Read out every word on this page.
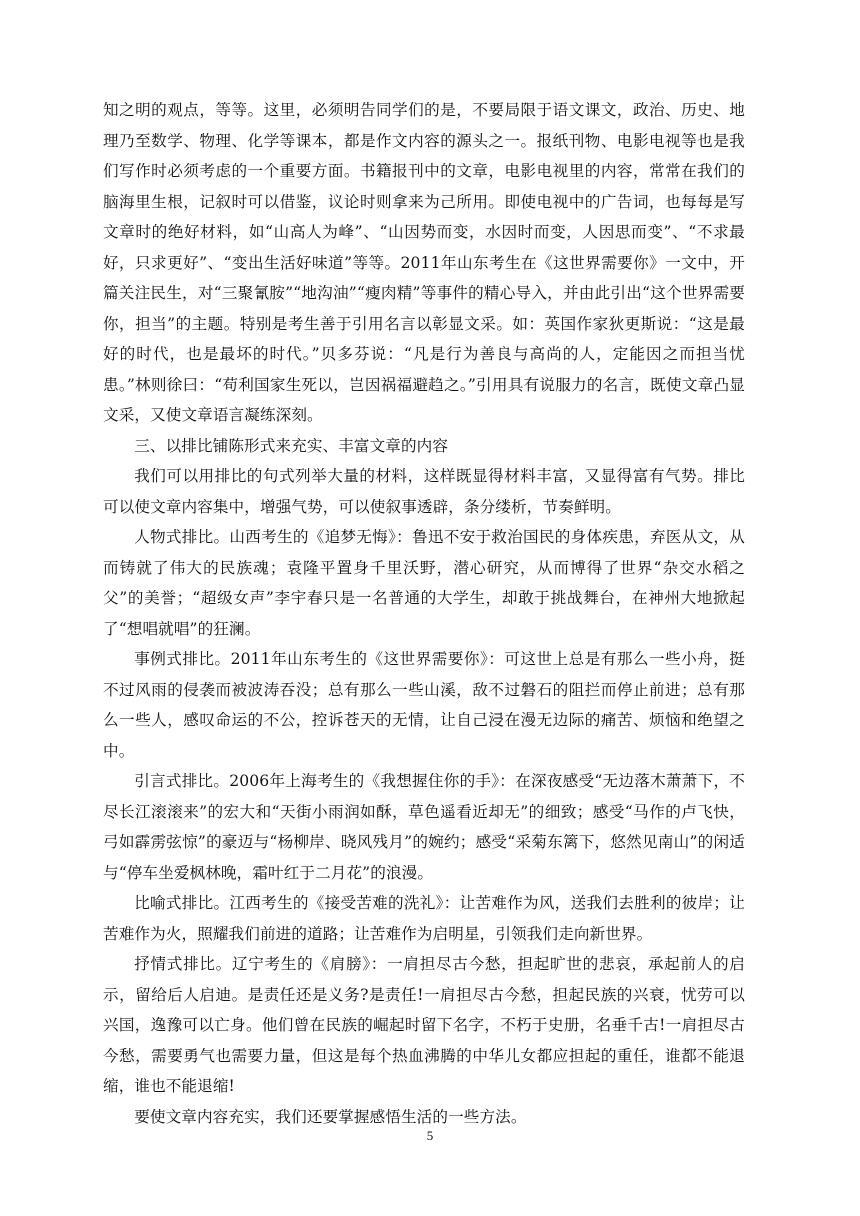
知之明的观点，等等。这里，必须明告同学们的是，不要局限于语文课文，政治、历史、地理乃至数学、物理、化学等课本，都是作文内容的源头之一。报纸刊物、电影电视等也是我们写作时必须考虑的一个重要方面。书籍报刊中的文章，电影电视里的内容，常常在我们的脑海里生根，记叙时可以借鉴，议论时则拿来为己所用。即使电视中的广告词，也每每是写文章时的绝好材料，如“山高人为峰”、“山因势而变，水因时而变，人因思而变”、“不求最好，只求更好”、“变出生活好味道”等等。2011年山东考生在《这世界需要你》一文中，开篇关注民生，对“三聚氰胺”“地沟油”“瘦肉精”等事件的精心导入，并由此引出“这个世界需要你，担当”的主题。特别是考生善于引用名言以彰显文采。如：英国作家狄更斯说：“这是最好的时代，也是最坏的时代。”贝多芬说：“凡是行为善良与高尚的人，定能因之而担当忧患。”林则徐曰：“苟利国家生死以，岂因祸福避趋之。”引用具有说服力的名言，既使文章凸显文采，又使文章语言凝练深刻。

三、以排比铺陈形式来充实、丰富文章的内容

我们可以用排比的句式列举大量的材料，这样既显得材料丰富，又显得富有气势。排比可以使文章内容集中，增强气势，可以使叙事透辟，条分缕析，节奏鲜明。

人物式排比。山西考生的《追梦无悔》：鲁迅不安于救治国民的身体疾患，弃医从文，从而铸就了伟大的民族魂；袁隆平置身千里沃野，潜心研究，从而博得了世界“杂交水稻之父”的美誉；“超级女声”李宇春只是一名普通的大学生，却敢于挑战舞台，在神州大地掀起了“想唱就唱”的狂澜。

事例式排比。2011年山东考生的《这世界需要你》：可这世上总是有那么一些小舟，挺不过风雨的侵袭而被波涛吞没；总有那么一些山溪，敌不过磐石的阻拦而停止前进；总有那么一些人，感叹命运的不公，控诉苍天的无情，让自己浸在漫无边际的痛苦、烦恼和绝望之中。

引言式排比。2006年上海考生的《我想握住你的手》：在深夜感受“无边落木萧萧下，不尽长江滚滚来”的宏大和“天街小雨润如酥，草色遥看近却无”的细致；感受“马作的卢飞快，弓如霹雳弦惊”的豪迈与“杨柳岸、晓风残月”的婉约；感受“采菊东篱下，悠然见南山”的闲适与“停车坐爱枫林晚，霜叶红于二月花”的浪漫。

比喻式排比。江西考生的《接受苦难的洗礼》：让苦难作为风，送我们去胜利的彼岸；让苦难作为火，照耀我们前进的道路；让苦难作为启明星，引领我们走向新世界。

抒情式排比。辽宁考生的《肩膀》：一肩担尽古今愁，担起旷世的悲哀，承起前人的启示，留给后人启迪。是责任还是义务?是责任!一肩担尽古今愁，担起民族的兴衰，忧劳可以兴国，逸豫可以亡身。他们曾在民族的崛起时留下名字，不朽于史册，名垂千古!一肩担尽古今愁，需要勇气也需要力量，但这是每个热血沸腾的中华儿女都应担起的重任，谁都不能退缩，谁也不能退缩!

要使文章内容充实，我们还要掌握感悟生活的一些方法。

5
